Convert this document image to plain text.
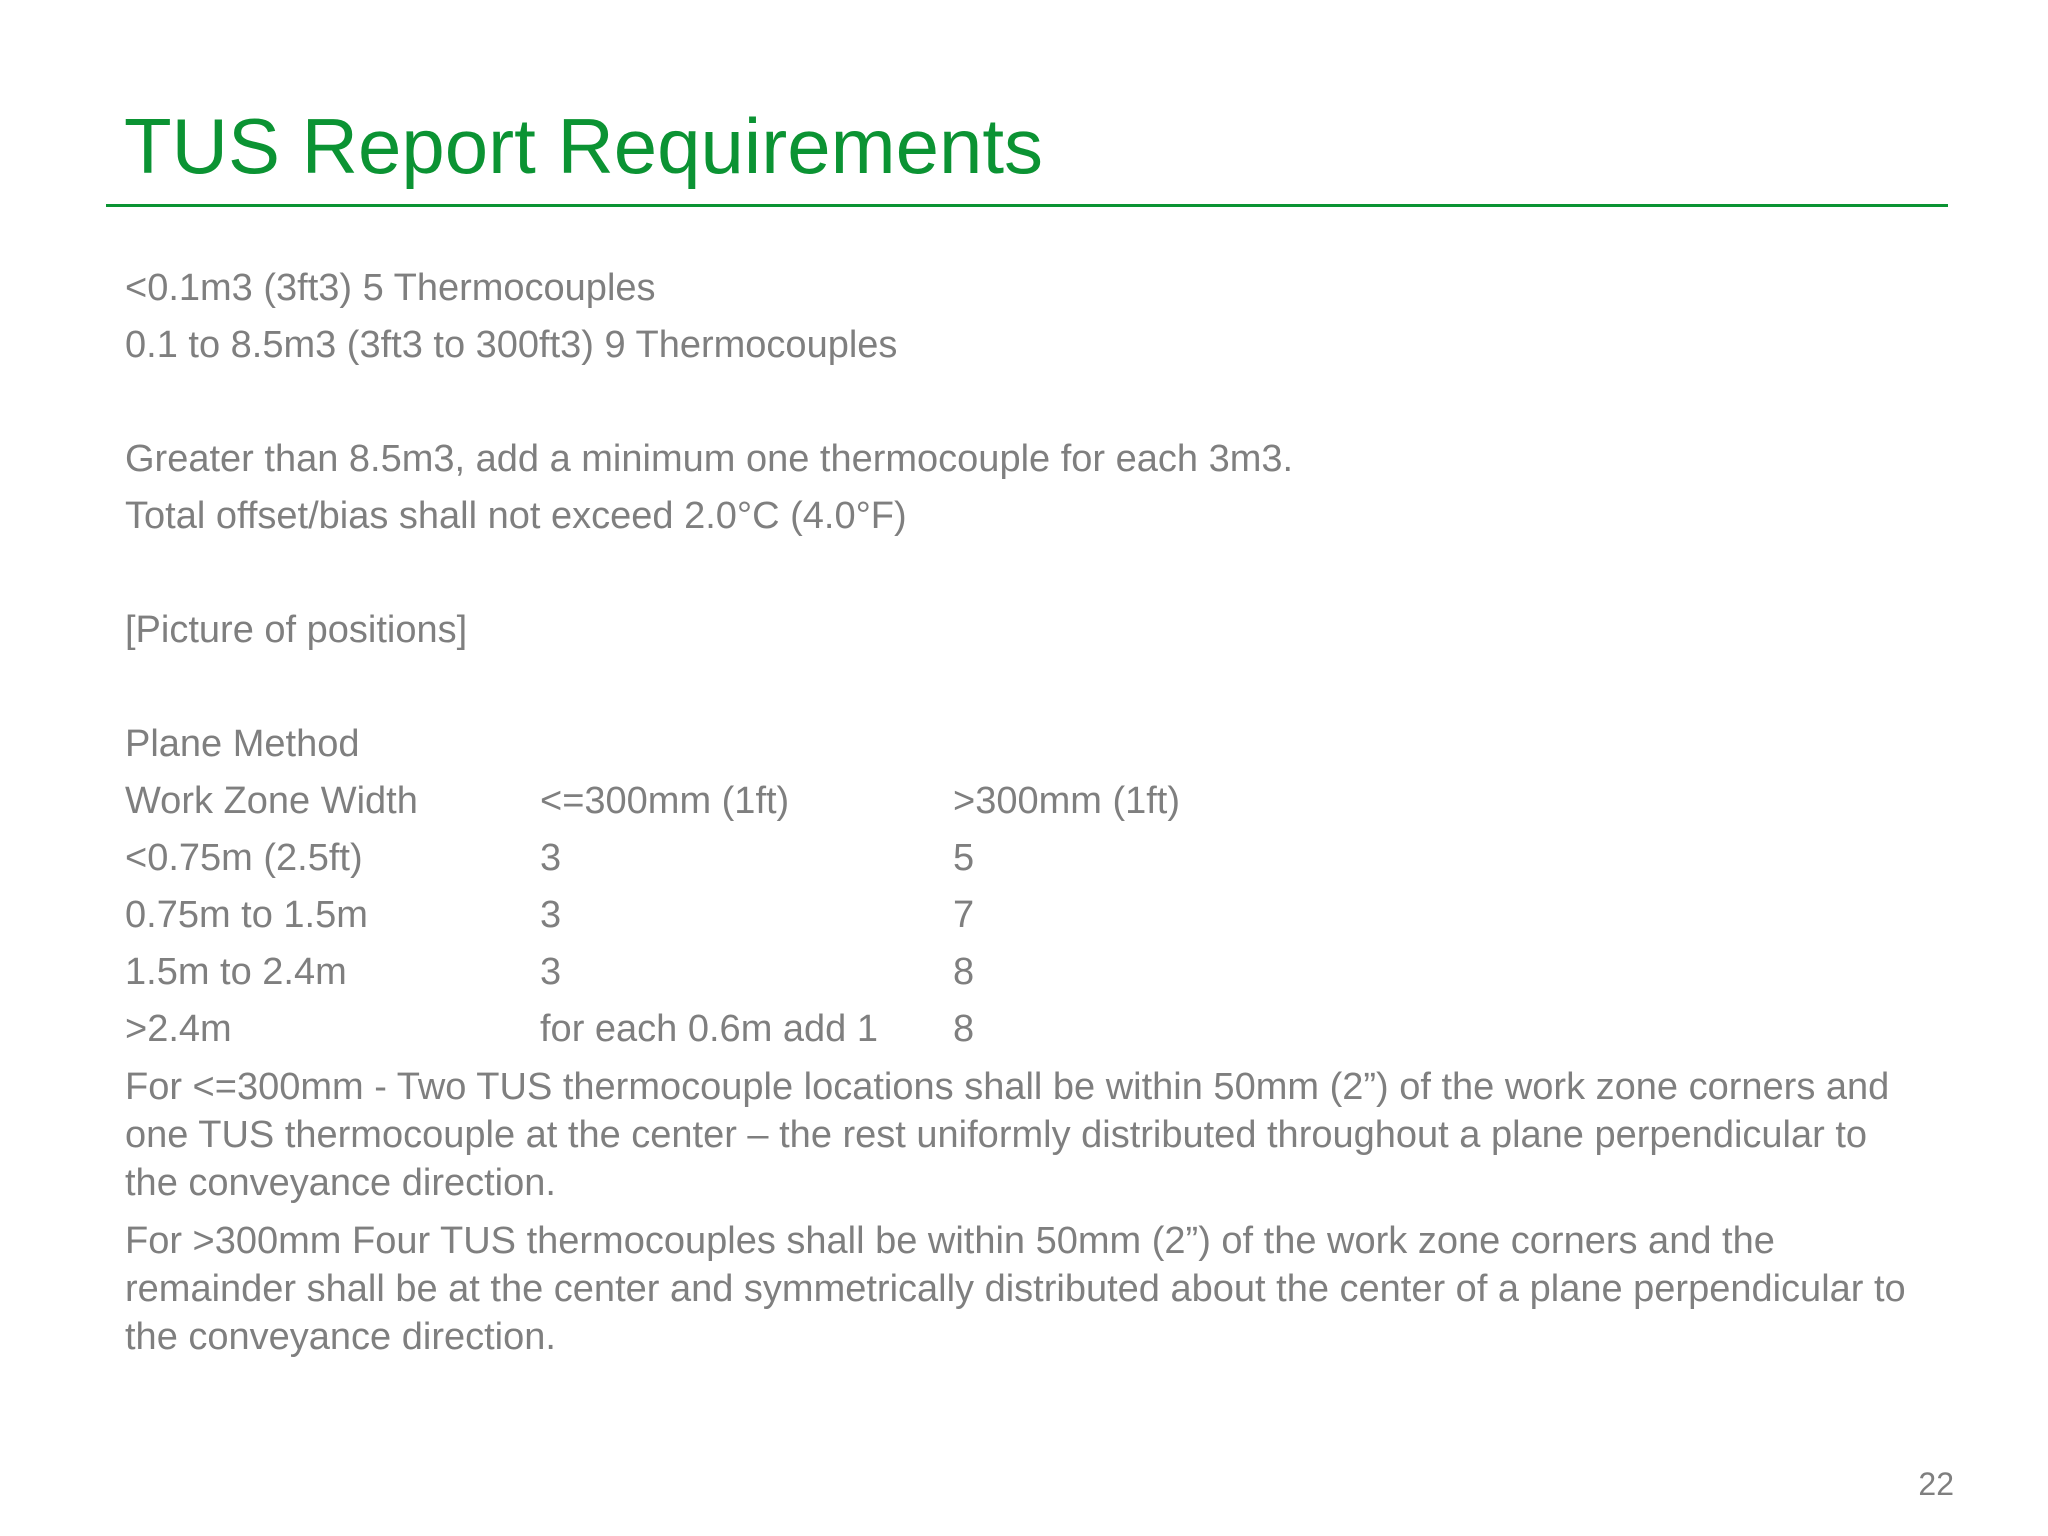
TUS Report Requirements
<0.1m3 (3ft3) 5 Thermocouples
0.1 to 8.5m3 (3ft3 to 300ft3) 9 Thermocouples
Greater than 8.5m3, add a minimum one thermocouple for each 3m3.
Total offset/bias shall not exceed 2.0°C (4.0°F)
[Picture of positions]
Plane Method
Work Zone Width	<=300mm (1ft)	>300mm (1ft)
<0.75m (2.5ft)	3	5
0.75m to 1.5m	3	7
1.5m to 2.4m	3	8
>2.4m	for each 0.6m add 1	8
For <=300mm - Two TUS thermocouple locations shall be within 50mm (2”) of the work zone corners and one TUS thermocouple at the center – the rest uniformly distributed throughout a plane perpendicular to the conveyance direction.
For >300mm Four TUS thermocouples shall be within 50mm (2”) of the work zone corners and the remainder shall be at the center and symmetrically distributed about the center of a plane perpendicular to the conveyance direction.
22
